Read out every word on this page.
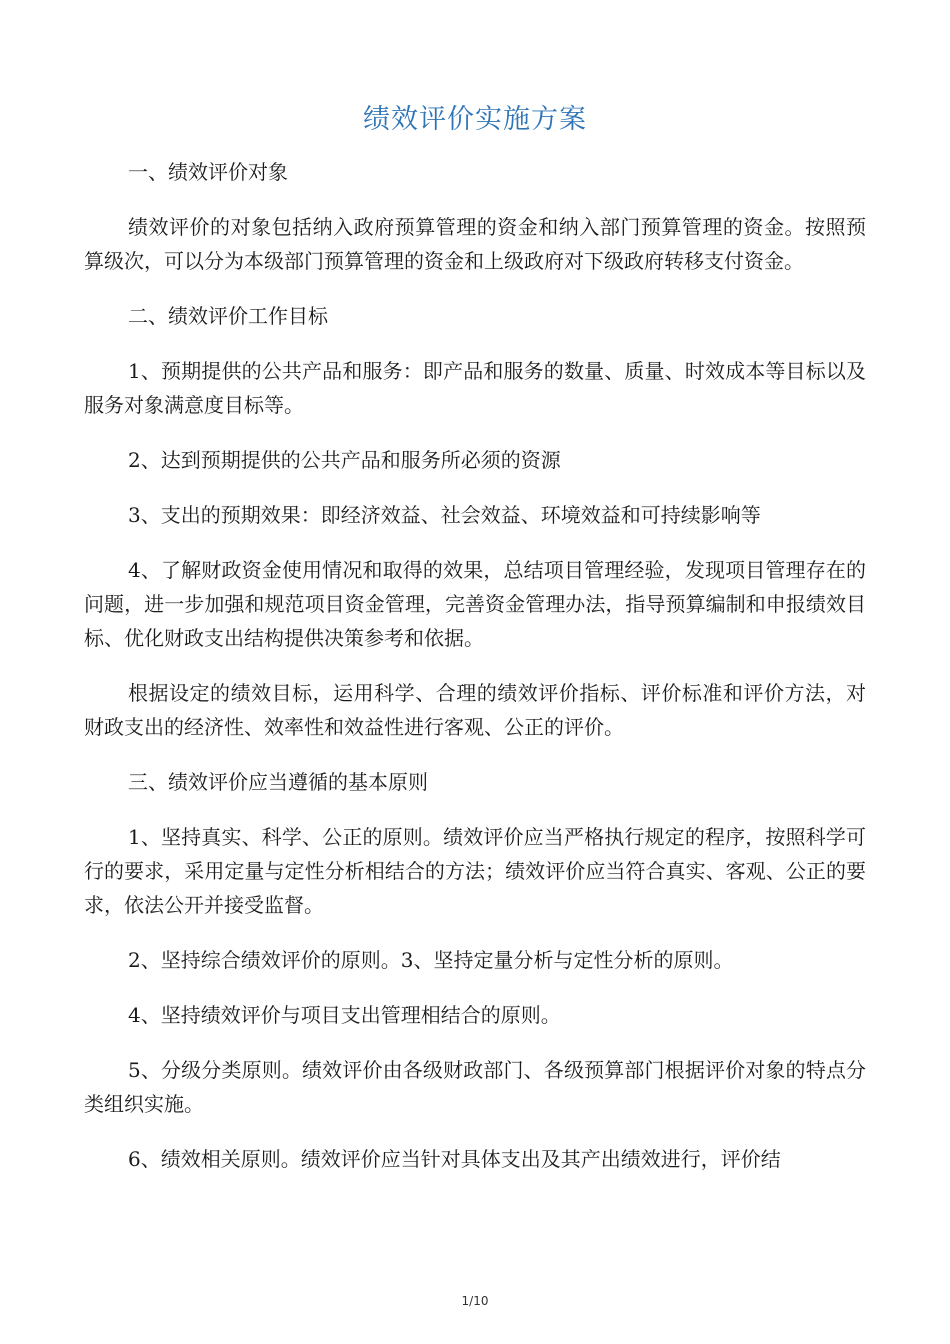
绩效评价实施方案

一、绩效评价对象

绩效评价的对象包括纳入政府预算管理的资金和纳入部门预算管理的资金。按照预算级次，可以分为本级部门预算管理的资金和上级政府对下级政府转移支付资金。

二、绩效评价工作目标

1、预期提供的公共产品和服务：即产品和服务的数量、质量、时效成本等目标以及服务对象满意度目标等。

2、达到预期提供的公共产品和服务所必须的资源

3、支出的预期效果：即经济效益、社会效益、环境效益和可持续影响等

4、了解财政资金使用情况和取得的效果，总结项目管理经验，发现项目管理存在的问题，进一步加强和规范项目资金管理，完善资金管理办法，指导预算编制和申报绩效目标、优化财政支出结构提供决策参考和依据。

根据设定的绩效目标，运用科学、合理的绩效评价指标、评价标准和评价方法，对财政支出的经济性、效率性和效益性进行客观、公正的评价。

三、绩效评价应当遵循的基本原则

1、坚持真实、科学、公正的原则。绩效评价应当严格执行规定的程序，按照科学可行的要求，采用定量与定性分析相结合的方法；绩效评价应当符合真实、客观、公正的要求，依法公开并接受监督。

2、坚持综合绩效评价的原则。3、坚持定量分析与定性分析的原则。

4、坚持绩效评价与项目支出管理相结合的原则。

5、分级分类原则。绩效评价由各级财政部门、各级预算部门根据评价对象的特点分类组织实施。

6、绩效相关原则。绩效评价应当针对具体支出及其产出绩效进行，评价结

1/10
